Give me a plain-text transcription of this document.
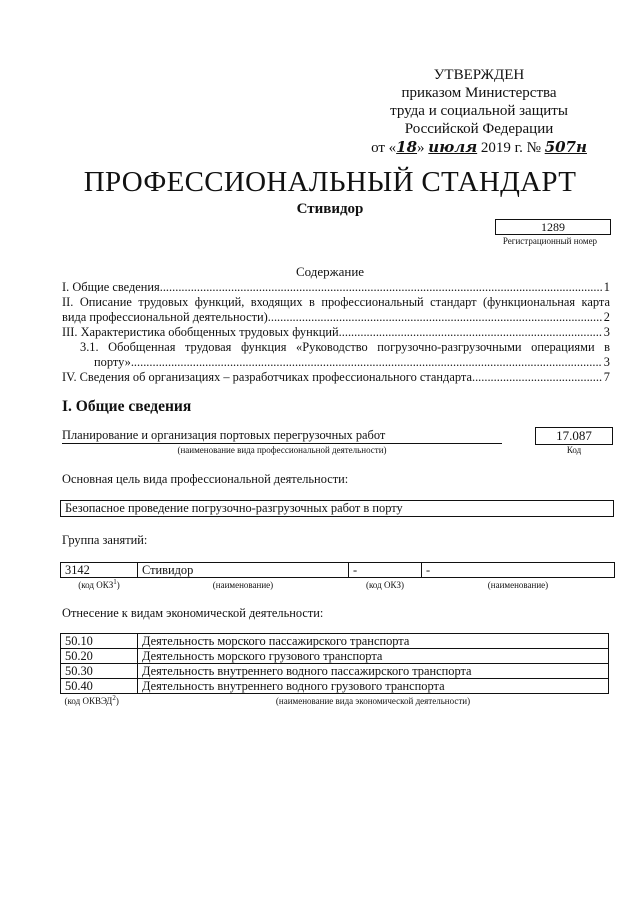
УТВЕРЖДЕН
приказом Министерства
труда и социальной защиты
Российской Федерации
от «18» июля 2019 г. № 507н
ПРОФЕССИОНАЛЬНЫЙ СТАНДАРТ
Стивидор
1289
Регистрационный номер
Содержание
I. Общие сведения .....	1
II. Описание трудовых функций, входящих в профессиональный стандарт (функциональная карта
вида профессиональной деятельности) .....	2
III. Характеристика обобщенных трудовых функций .....	3
3.1. Обобщенная трудовая функция «Руководство погрузочно-разгрузочными операциями в
порту» .....	3
IV. Сведения об организациях – разработчиках профессионального стандарта .....	7
I. Общие сведения
Планирование и организация портовых перегрузочных работ
(наименование вида профессиональной деятельности)
17.087
Код
Основная цель вида профессиональной деятельности:
Безопасное проведение погрузочно-разгрузочных работ в порту
Группа занятий:
3142	Стивидор	-	-
(код ОКЗ$^1$)	(наименование)	(код ОКЗ)	(наименование)
Отнесение к видам экономической деятельности:
50.10	Деятельность морского пассажирского транспорта
50.20	Деятельность морского грузового транспорта
50.30	Деятельность внутреннего водного пассажирского транспорта
50.40	Деятельность внутреннего водного грузового транспорта
(код ОКВЭД$^2$)	(наименование вида экономической деятельности)
